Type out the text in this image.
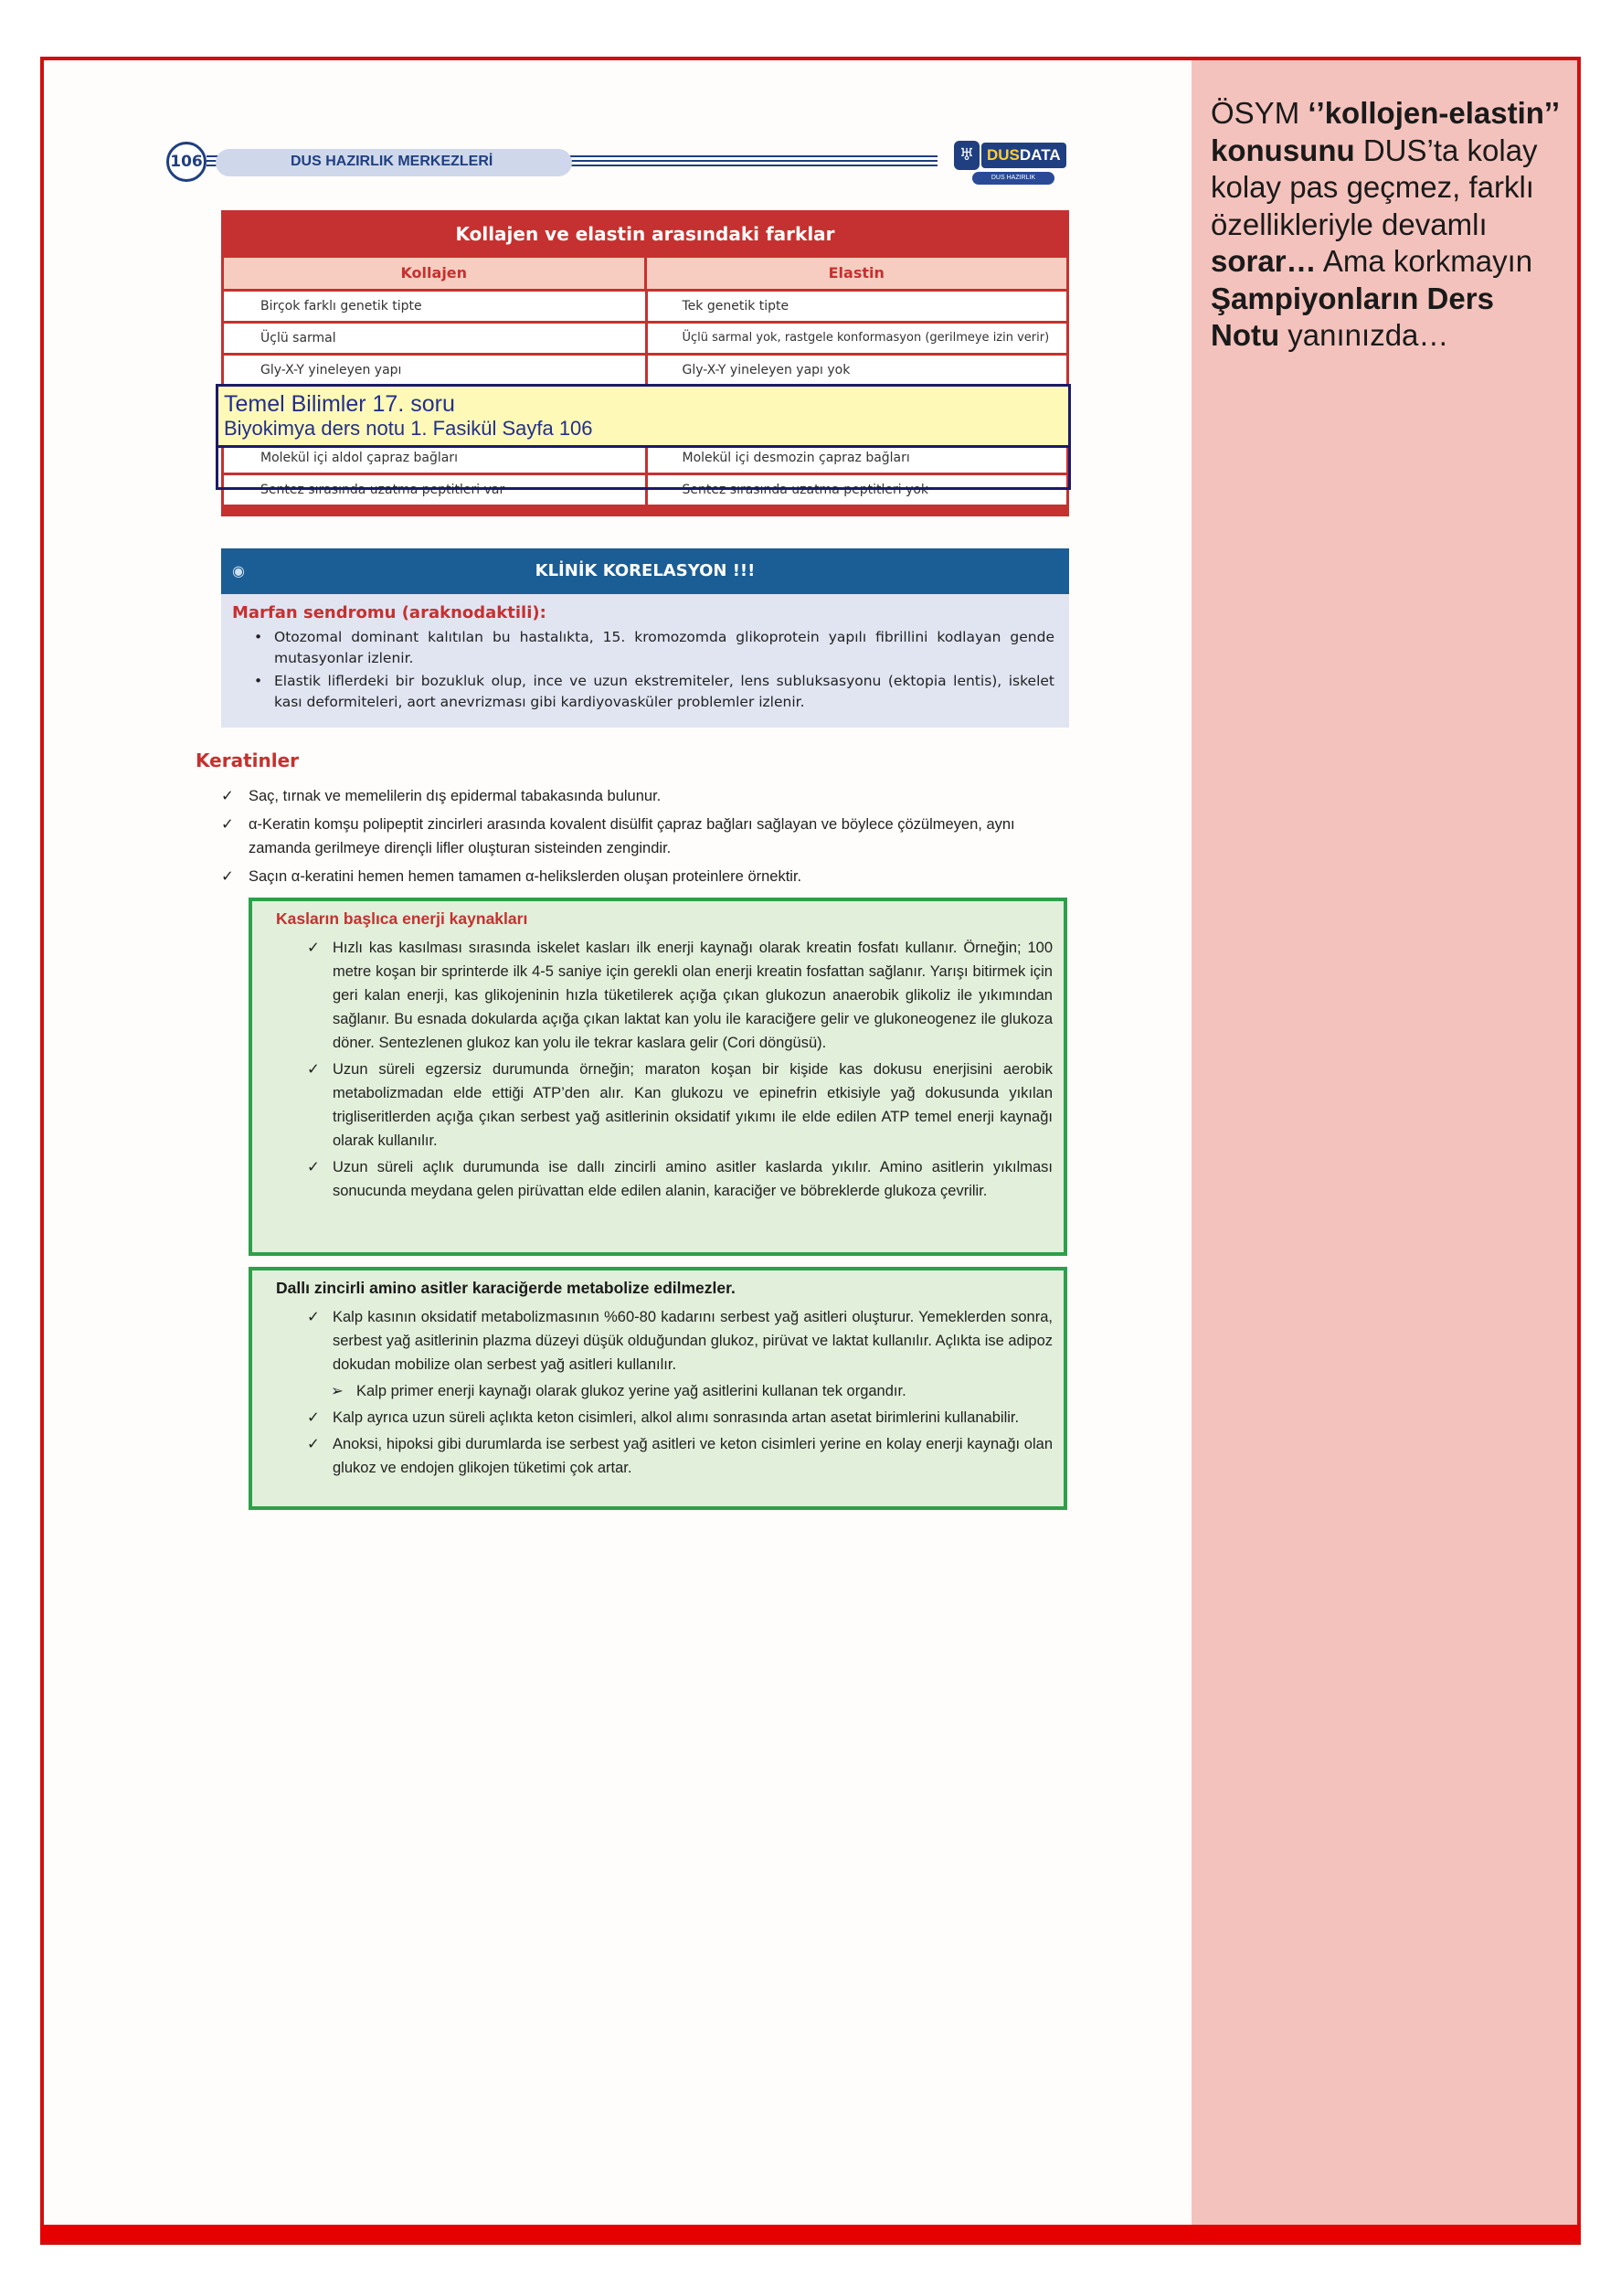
ÖSYM ‘’kollojen-elastin’’ konusunu DUS’ta kolay kolay pas geçmez, farklı özellikleriyle devamlı sorar… Ama korkmayın Şampiyonların Ders Notu yanınızda…
DUS HAZIRLIK MERKEZLERİ
106	♅ DUSDATA
DUS HAZIRLIK MERKEZLERİ
Kollajen ve elastin arasındaki farklar
Kollajen	Elastin
Birçok farklı genetik tipte	Tek genetik tipte
Üçlü sarmal	Üçlü sarmal yok, rastgele konformasyon (gerilmeye izin verir)
Gly-X-Y yineleyen yapı	Gly-X-Y yineleyen yapı yok
Molekül içi aldol çapraz bağları	Molekül içi desmozin çapraz bağları
Sentez sırasında uzatma peptitleri var	Sentez sırasında uzatma peptitleri yok
Temel Bilimler 17. soru
Biyokimya ders notu 1. Fasikül Sayfa 106
◉	KLİNİK KORELASYON !!!
Marfan sendromu (araknodaktili):
• Otozomal dominant kalıtılan bu hastalıkta, 15. kromozomda glikoprotein yapılı fibrillini kodlayan gende mutasyonlar izlenir.
• Elastik liflerdeki bir bozukluk olup, ince ve uzun ekstremiteler, lens subluksasyonu (ektopia lentis), iskelet kası deformiteleri, aort anevrizması gibi kardiyovasküler problemler izlenir.
Keratinler
✓ Saç, tırnak ve memelilerin dış epidermal tabakasında bulunur.
✓ α-Keratin komşu polipeptit zincirleri arasında kovalent disülfit çapraz bağları sağlayan ve böylece çözülmeyen, aynı zamanda gerilmeye dirençli lifler oluşturan sisteinden zengindir.
✓ Saçın α-keratini hemen hemen tamamen α-helikslerden oluşan proteinlere örnektir.
Kasların başlıca enerji kaynakları
✓ Hızlı kas kasılması sırasında iskelet kasları ilk enerji kaynağı olarak kreatin fosfatı kullanır. Örneğin; 100 metre koşan bir sprinterde ilk 4-5 saniye için gerekli olan enerji kreatin fosfattan sağlanır. Yarışı bitirmek için geri kalan enerji, kas glikojeninin hızla tüketilerek açığa çıkan glukozun anaerobik glikoliz ile yıkımından sağlanır. Bu esnada dokularda açığa çıkan laktat kan yolu ile karaciğere gelir ve glukoneogenez ile glukoza döner. Sentezlenen glukoz kan yolu ile tekrar kaslara gelir (Cori döngüsü).
✓ Uzun süreli egzersiz durumunda örneğin; maraton koşan bir kişide kas dokusu enerjisini aerobik metabolizmadan elde ettiği ATP’den alır. Kan glukozu ve epinefrin etkisiyle yağ dokusunda yıkılan trigliseritlerden açığa çıkan serbest yağ asitlerinin oksidatif yıkımı ile elde edilen ATP temel enerji kaynağı olarak kullanılır.
✓ Uzun süreli açlık durumunda ise dallı zincirli amino asitler kaslarda yıkılır. Amino asitlerin yıkılması sonucunda meydana gelen pirüvattan elde edilen alanin, karaciğer ve böbreklerde glukoza çevrilir.
Dallı zincirli amino asitler karaciğerde metabolize edilmezler.
✓ Kalp kasının oksidatif metabolizmasının %60-80 kadarını serbest yağ asitleri oluşturur. Yemeklerden sonra, serbest yağ asitlerinin plazma düzeyi düşük olduğundan glukoz, pirüvat ve laktat kullanılır. Açlıkta ise adipoz dokudan mobilize olan serbest yağ asitleri kullanılır.
➢ Kalp primer enerji kaynağı olarak glukoz yerine yağ asitlerini kullanan tek organdır.
✓ Kalp ayrıca uzun süreli açlıkta keton cisimleri, alkol alımı sonrasında artan asetat birimlerini kullanabilir.
✓ Anoksi, hipoksi gibi durumlarda ise serbest yağ asitleri ve keton cisimleri yerine en kolay enerji kaynağı olan glukoz ve endojen glikojen tüketimi çok artar.
